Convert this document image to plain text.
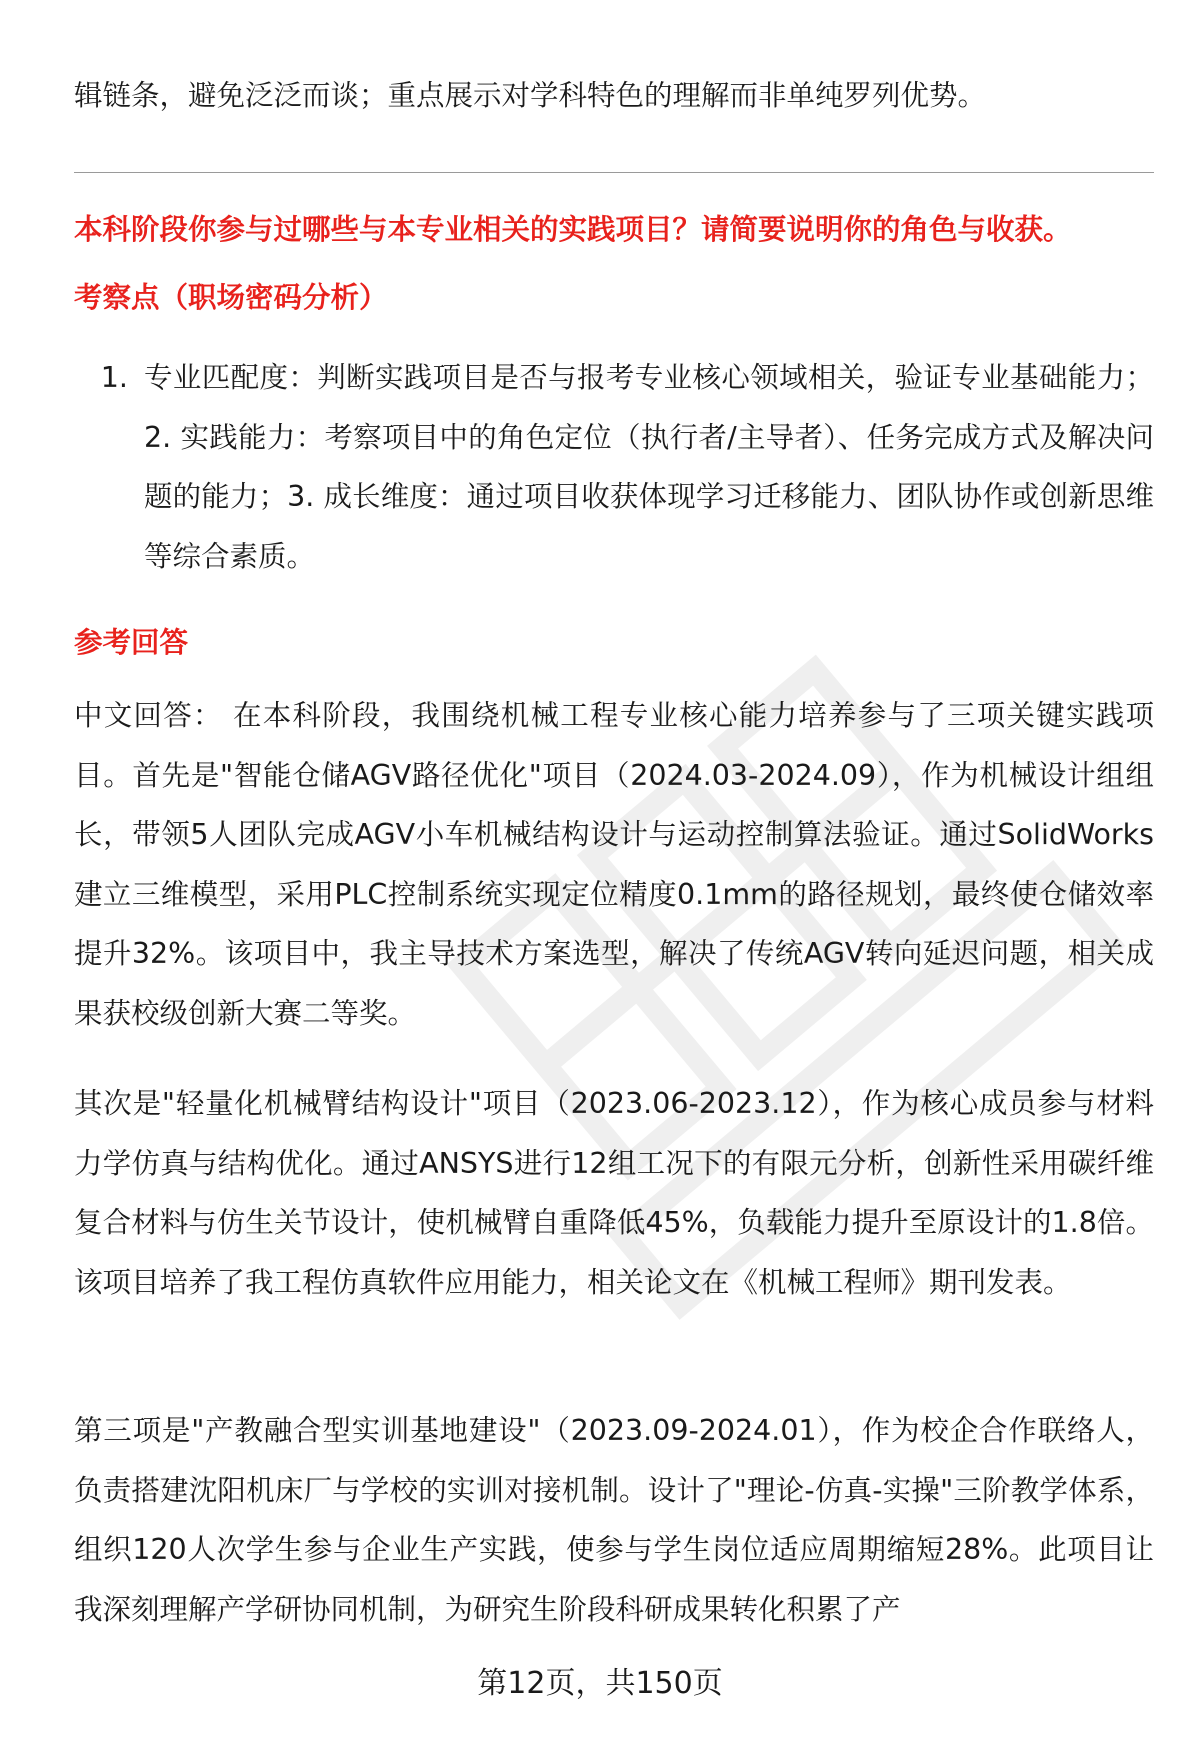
辑链条，避免泛泛而谈；重点展示对学科特色的理解而非单纯罗列优势。

本科阶段你参与过哪些与本专业相关的实践项目？请简要说明你的角色与收获。

考察点（职场密码分析）

1. 专业匹配度：判断实践项目是否与报考专业核心领域相关，验证专业基础能力；2. 实践能力：考察项目中的角色定位（执行者/主导者）、任务完成方式及解决问题的能力；3. 成长维度：通过项目收获体现学习迁移能力、团队协作或创新思维等综合素质。

参考回答

中文回答： 在本科阶段，我围绕机械工程专业核心能力培养参与了三项关键实践项目。首先是"智能仓储AGV路径优化"项目（2024.03-2024.09），作为机械设计组组长，带领5人团队完成AGV小车机械结构设计与运动控制算法验证。通过SolidWorks建立三维模型，采用PLC控制系统实现定位精度0.1mm的路径规划，最终使仓储效率提升32%。该项目中，我主导技术方案选型，解决了传统AGV转向延迟问题，相关成果获校级创新大赛二等奖。

其次是"轻量化机械臂结构设计"项目（2023.06-2023.12），作为核心成员参与材料力学仿真与结构优化。通过ANSYS进行12组工况下的有限元分析，创新性采用碳纤维复合材料与仿生关节设计，使机械臂自重降低45%，负载能力提升至原设计的1.8倍。该项目培养了我工程仿真软件应用能力，相关论文在《机械工程师》期刊发表。

第三项是"产教融合型实训基地建设"（2023.09-2024.01），作为校企合作联络人，负责搭建沈阳机床厂与学校的实训对接机制。设计了"理论-仿真-实操"三阶教学体系，组织120人次学生参与企业生产实践，使参与学生岗位适应周期缩短28%。此项目让我深刻理解产学研协同机制，为研究生阶段科研成果转化积累了产

第12页，共150页
